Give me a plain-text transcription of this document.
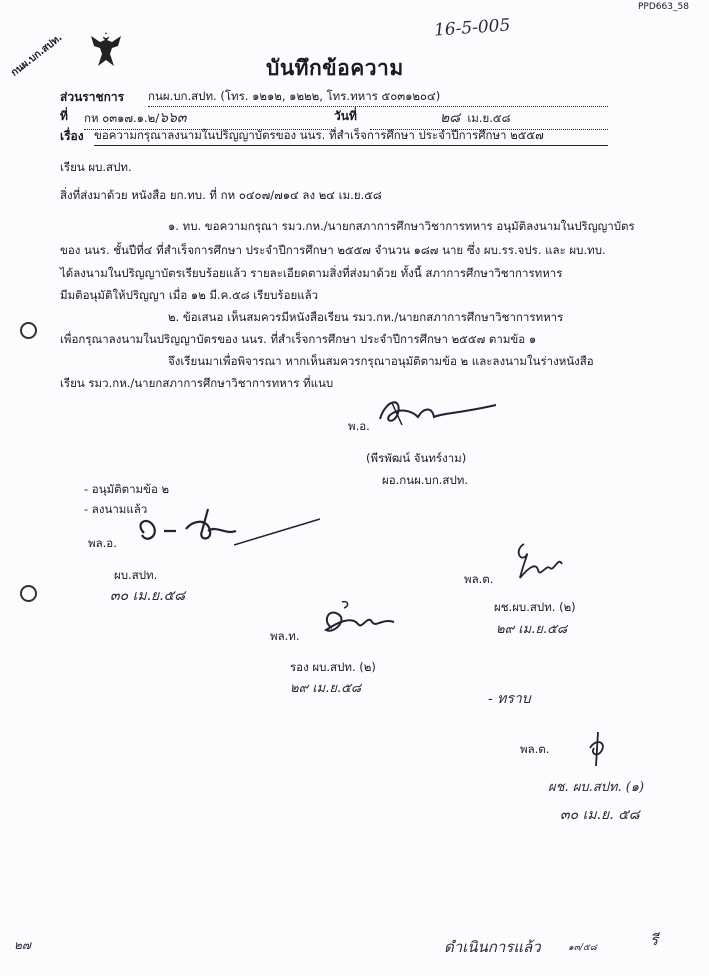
กนผ.บก.สปท.
PPD663_58
16-5-005
บันทึกข้อความ
ส่วนราชการ กนผ.บก.สปท. (โทร. ๑๒๑๒, ๑๒๒๒, โทร.ทหาร ๕๐๓๑๒๐๔)
ที่ กห ๐๓๑๗.๑.๒/๖๖๓	วันที่	๒๘ เม.ย.๕๘
เรื่อง ขอความกรุณาลงนามในปริญญาบัตรของ นนร. ที่สำเร็จการศึกษา ประจำปีการศึกษา ๒๕๕๗
เรียน ผบ.สปท.
สิ่งที่ส่งมาด้วย หนังสือ ยก.ทบ. ที่ กห ๐๔๐๗/๗๑๔ ลง ๒๔ เม.ย.๕๘
๑. ทบ. ขอความกรุณา รมว.กห./นายกสภาการศึกษาวิชาการทหาร อนุมัติลงนามในปริญญาบัตร
ของ นนร. ชั้นปีที่๔ ที่สำเร็จการศึกษา ประจำปีการศึกษา ๒๕๕๗ จำนวน ๑๘๗ นาย ซึ่ง ผบ.รร.จปร. และ ผบ.ทบ.
ได้ลงนามในปริญญาบัตรเรียบร้อยแล้ว รายละเอียดตามสิ่งที่ส่งมาด้วย ทั้งนี้ สภาการศึกษาวิชาการทหาร
มีมติอนุมัติให้ปริญญา เมื่อ ๑๒ มี.ค.๕๘ เรียบร้อยแล้ว
๒. ข้อเสนอ เห็นสมควรมีหนังสือเรียน รมว.กห./นายกสภาการศึกษาวิชาการทหาร
เพื่อกรุณาลงนามในปริญญาบัตรของ นนร. ที่สำเร็จการศึกษา ประจำปีการศึกษา ๒๕๕๗ ตามข้อ ๑
จึงเรียนมาเพื่อพิจารณา หากเห็นสมควรกรุณาอนุมัติตามข้อ ๒ และลงนามในร่างหนังสือ
เรียน รมว.กห./นายกสภาการศึกษาวิชาการทหาร ที่แนบ
พ.อ.
(พีรพัฒน์ จันทร์งาม)
ผอ.กนผ.บก.สปท.
- อนุมัติตามข้อ ๒
- ลงนามแล้ว
พล.อ.
ผบ.สปท.
๓๐ เม.ย.๕๘
พล.ต.
ผช.ผบ.สปท. (๒)
๒๙ เม.ย.๕๘
พล.ท.
รอง ผบ.สปท. (๒)
๒๙ เม.ย.๕๘
- ทราบ
พล.ต.
ผช. ผบ.สปท. (๑)
๓๐ เม.ย. ๕๘
๒๗	ดำเนินการแล้ว	๑๓/๕๘	รี
